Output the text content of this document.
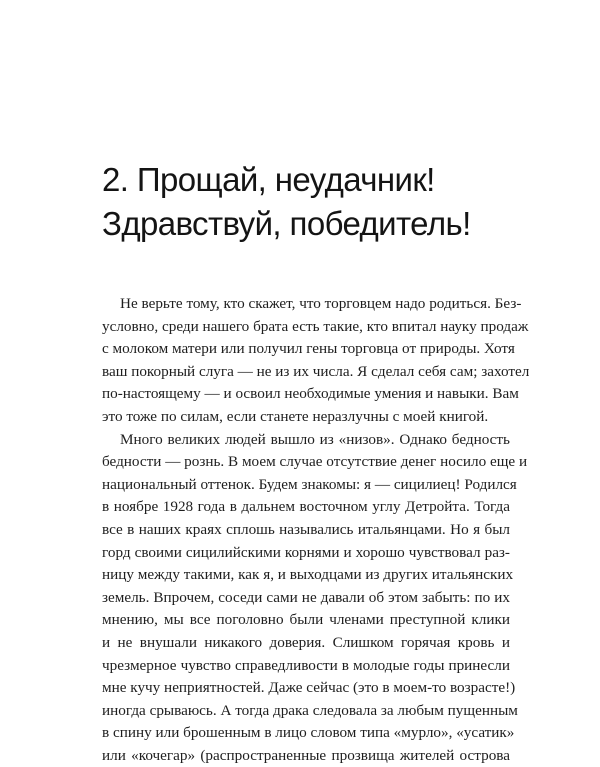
2. Прощай, неудачник!
Здравствуй, победитель!
Не верьте тому, кто скажет, что торговцем надо родиться. Без-
условно, среди нашего брата есть такие, кто впитал науку продаж
с молоком матери или получил гены торговца от природы. Хотя
ваш покорный слуга — не из их числа. Я сделал себя сам; захотел
по-настоящему — и освоил необходимые умения и навыки. Вам
это тоже по силам, если станете неразлучны с моей книгой.
Много великих людей вышло из «низов». Однако бедность
бедности — рознь. В моем случае отсутствие денег носило еще и
национальный оттенок. Будем знакомы: я — сицилиец! Родился
в ноябре 1928 года в дальнем восточном углу Детройта. Тогда
все в наших краях сплошь назывались итальянцами. Но я был
горд своими сицилийскими корнями и хорошо чувствовал раз-
ницу между такими, как я, и выходцами из других итальянских
земель. Впрочем, соседи сами не давали об этом забыть: по их
мнению, мы все поголовно были членами преступной клики
и не внушали никакого доверия. Слишком горячая кровь и
чрезмерное чувство справедливости в молодые годы принесли
мне кучу неприятностей. Даже сейчас (это в моем-то возрасте!)
иногда срываюсь. А тогда драка следовала за любым пущенным
в спину или брошенным в лицо словом типа «мурло», «усатик»
или «кочегар» (распространенные прозвища жителей острова
